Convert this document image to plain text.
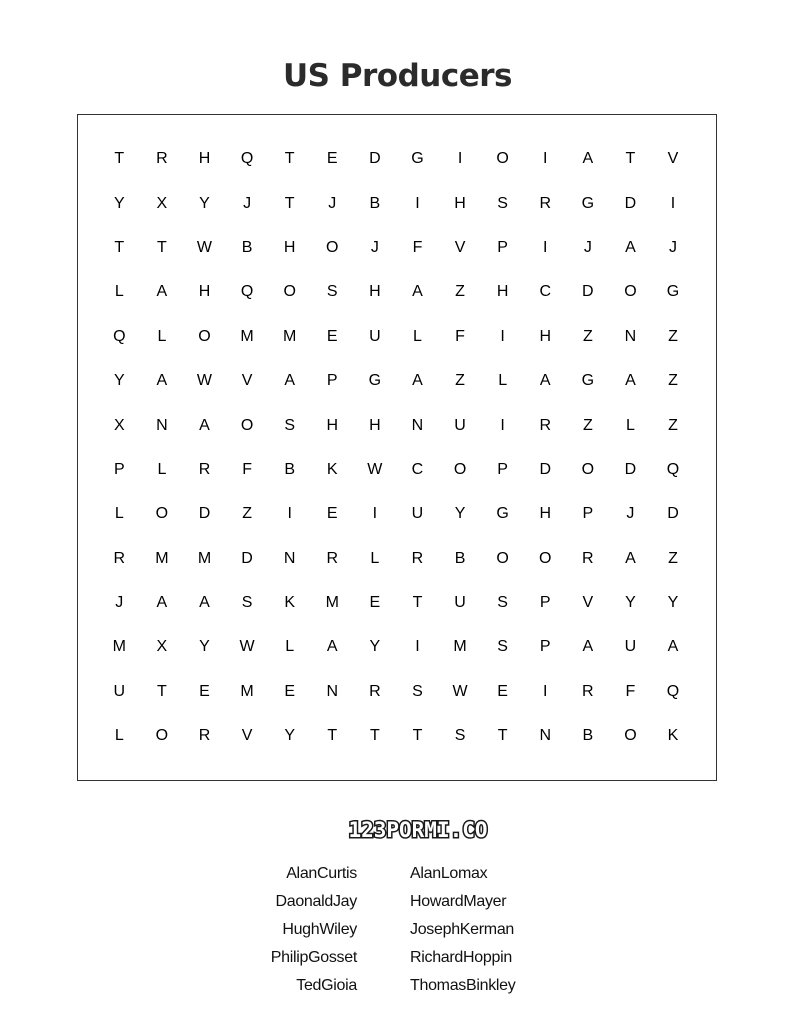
US Producers
T	R	H	Q	T	E	D	G	I	O	I	A	T	V
Y	X	Y	J	T	J	B	I	H	S	R	G	D	I
T	T	W	B	H	O	J	F	V	P	I	J	A	J
L	A	H	Q	O	S	H	A	Z	H	C	D	O	G
Q	L	O	M	M	E	U	L	F	I	H	Z	N	Z
Y	A	W	V	A	P	G	A	Z	L	A	G	A	Z
X	N	A	O	S	H	H	N	U	I	R	Z	L	Z
P	L	R	F	B	K	W	C	O	P	D	O	D	Q
L	O	D	Z	I	E	I	U	Y	G	H	P	J	D
R	M	M	D	N	R	L	R	B	O	O	R	A	Z
J	A	A	S	K	M	E	T	U	S	P	V	Y	Y
M	X	Y	W	L	A	Y	I	M	S	P	A	U	A
U	T	E	M	E	N	R	S	W	E	I	R	F	Q
L	O	R	V	Y	T	T	T	S	T	N	B	O	K
123PORMI.CO
AlanCurtis
DaonaldJay
HughWiley
PhilipGosset
TedGioia
AlanLomax
HowardMayer
JosephKerman
RichardHoppin
ThomasBinkley
